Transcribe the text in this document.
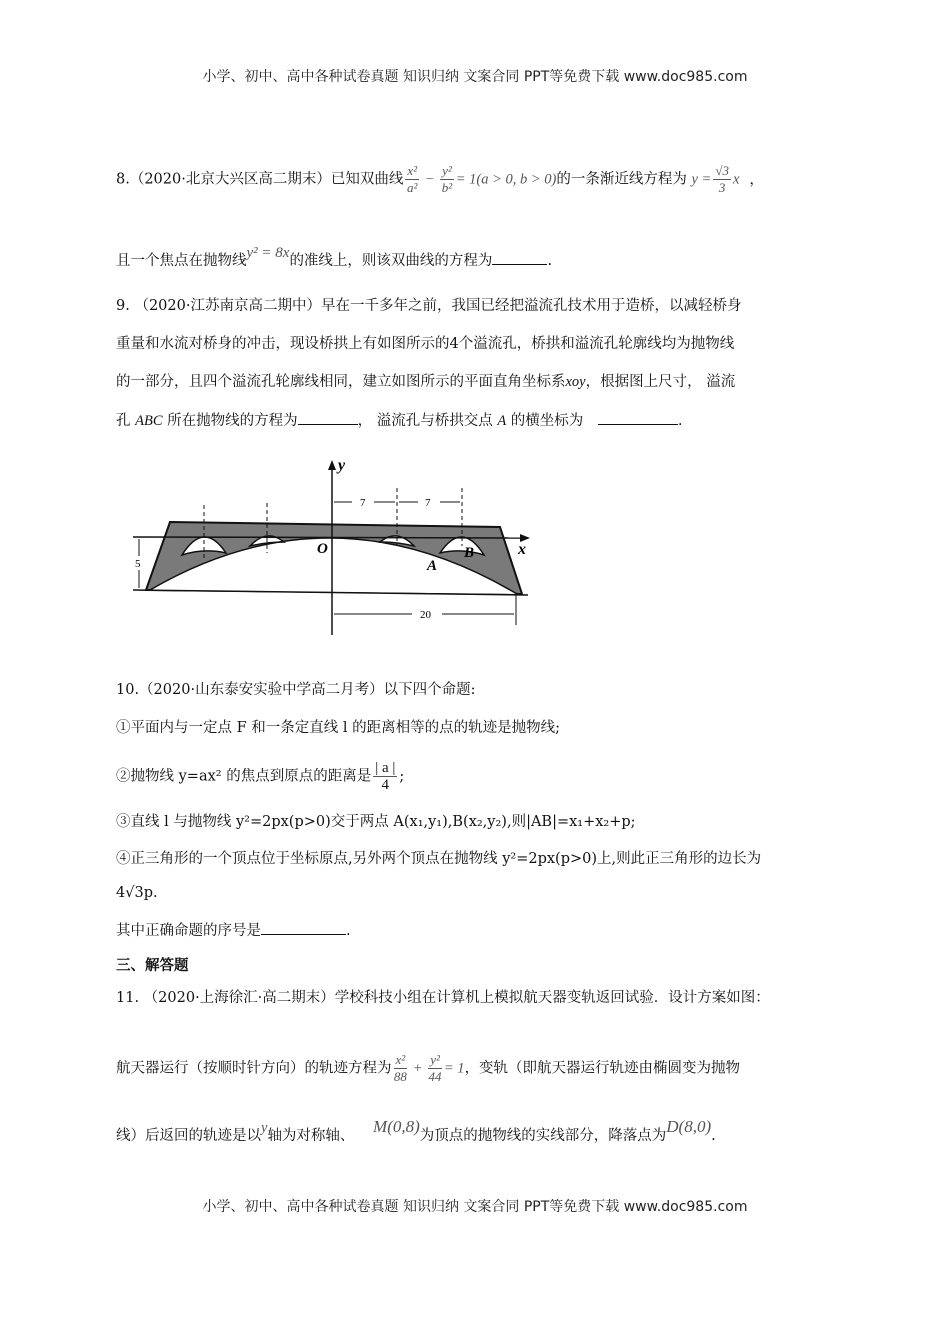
小学、初中、高中各种试卷真题 知识归纳 文案合同 PPT等免费下载 www.doc985.com
8.（2020·北京大兴区高二期末）已知双曲线 $\frac{\text{x²}}{\text{a²}} - \frac{\text{y²}}{\text{b²}} = 1(a > 0$, b > 0)的一条渐近线方程为 $y = \frac{√3}{3}$ x ，
且一个焦点在抛物线y² = 8x的准线上，则该双曲线的方程为	.
9. （2020·江苏南京高二期中）早在一千多年之前，我国已经把溢流孔技术用于造桥，以减轻桥身
重量和水流对桥身的冲击，现设桥拱上有如图所示的4个溢流孔，桥拱和溢流孔轮廓线均为抛物线
的一部分，且四个溢流孔轮廓线相同，建立如图所示的平面直角坐标系xoy，根据图上尺寸， 溢流
孔 ABC 所在抛物线的方程为	， 溢流孔与桥拱交点 A 的横坐标为	.
y
x
O
A
B
7	7
20
5
10.（2020·山东泰安实验中学高二月考）以下四个命题:
①平面内与一定点 F 和一条定直线 l 的距离相等的点的轨迹是抛物线;
②抛物线 y=ax² 的焦点到原点的距离是 $\frac{| a |}{4}$ ;
③直线 l 与抛物线 y²=2px(p>0)交于两点 A(x₁,y₁),B(x₂,y₂),则|AB|=x₁+x₂+p;
④正三角形的一个顶点位于坐标原点,另外两个顶点在抛物线 y²=2px(p>0)上,则此正三角形的边长为
4√3p.
其中正确命题的序号是	.
三、解答题
11. （2020·上海徐汇·高二期末）学校科技小组在计算机上模拟航天器变轨返回试验．设计方案如图：
航天器运行（按顺时针方向）的轨迹方程为 $\frac{\text{x²}}{88} + \frac{\text{y²}}{44} = 1$，变轨（即航天器运行轨迹由椭圆变为抛物
线）后返回的轨迹是以y轴为对称轴、 M(0,8)为顶点的抛物线的实线部分，降落点为D(8,0).
小学、初中、高中各种试卷真题 知识归纳 文案合同 PPT等免费下载 www.doc985.com
